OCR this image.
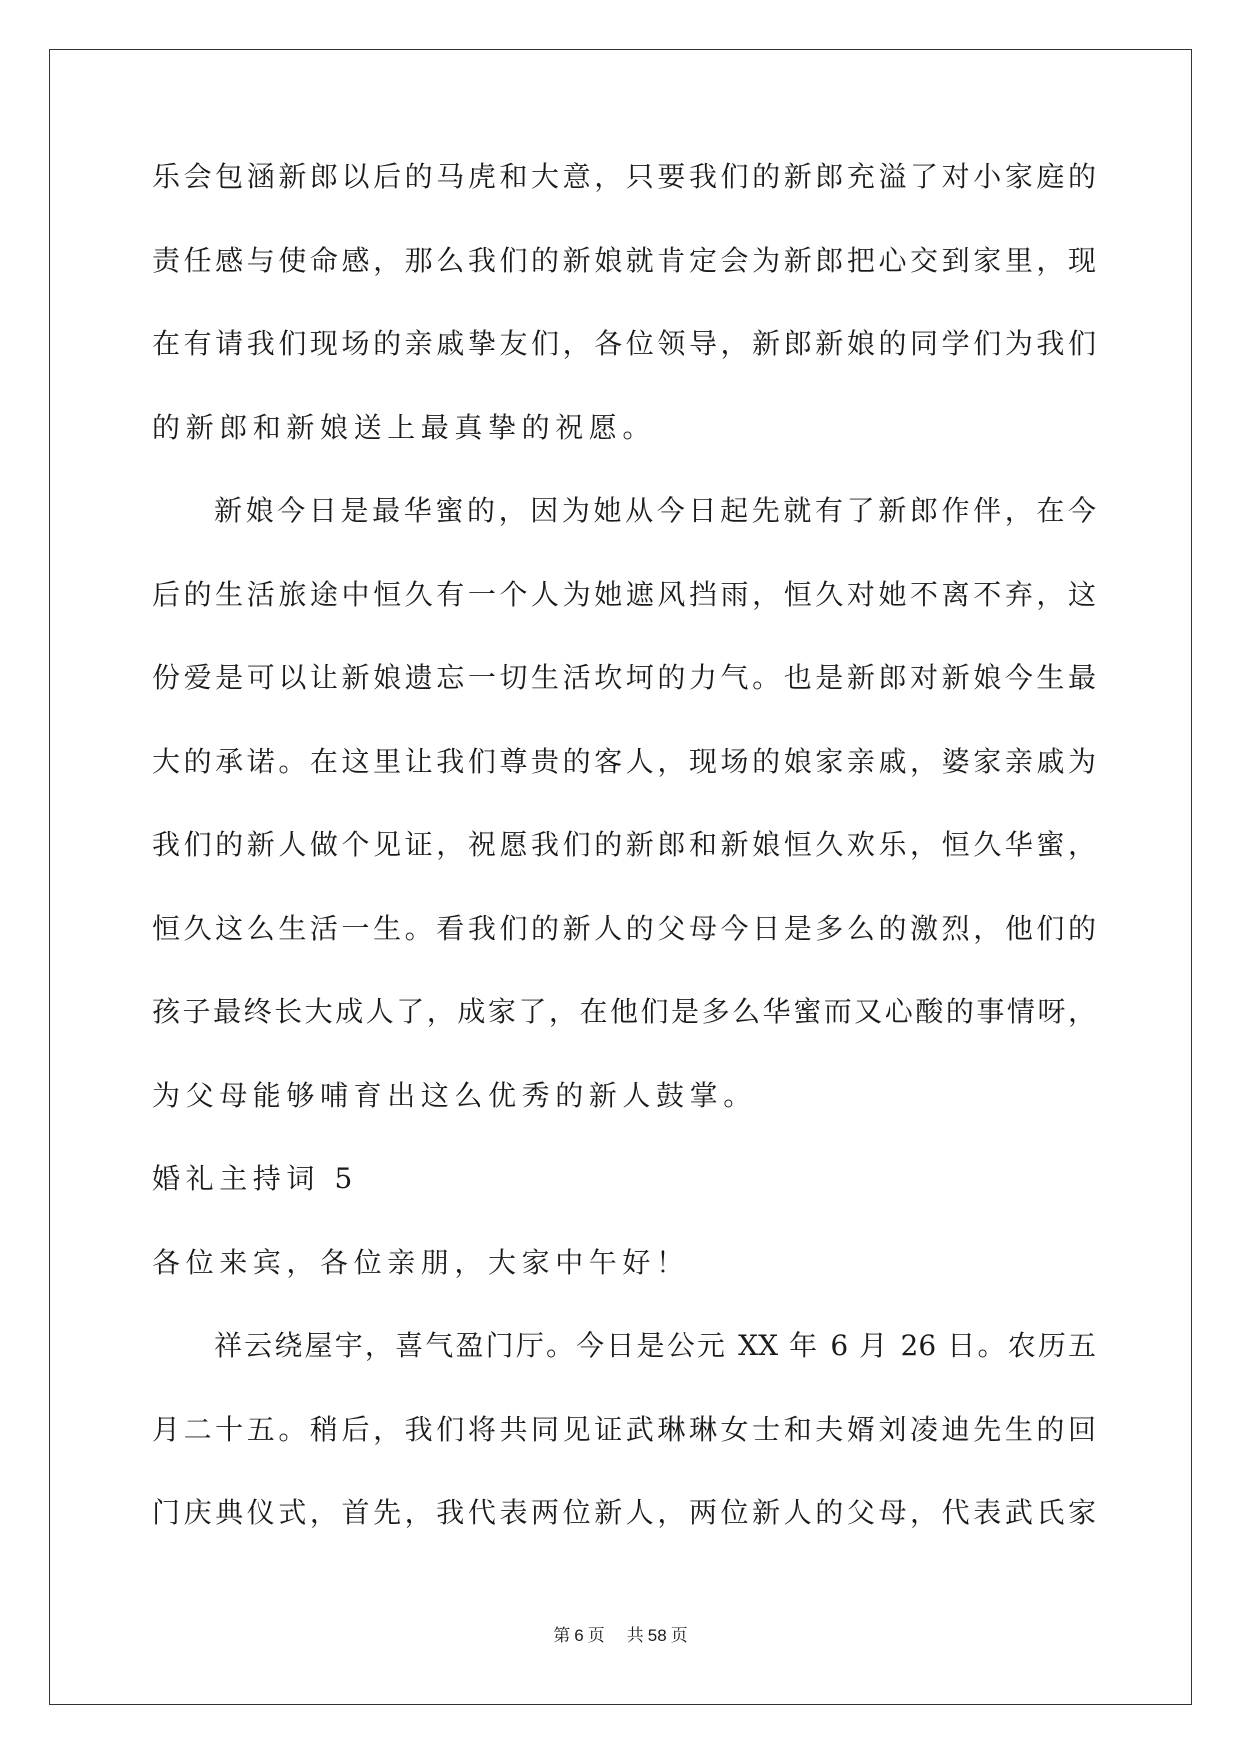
乐会包涵新郎以后的马虎和大意，只要我们的新郎充溢了对小家庭的
责任感与使命感，那么我们的新娘就肯定会为新郎把心交到家里，现
在有请我们现场的亲戚挚友们，各位领导，新郎新娘的同学们为我们
的新郎和新娘送上最真挚的祝愿。
新娘今日是最华蜜的，因为她从今日起先就有了新郎作伴，在今
后的生活旅途中恒久有一个人为她遮风挡雨，恒久对她不离不弃，这
份爱是可以让新娘遗忘一切生活坎坷的力气。也是新郎对新娘今生最
大的承诺。在这里让我们尊贵的客人，现场的娘家亲戚，婆家亲戚为
我们的新人做个见证，祝愿我们的新郎和新娘恒久欢乐，恒久华蜜，
恒久这么生活一生。看我们的新人的父母今日是多么的激烈，他们的
孩子最终长大成人了，成家了，在他们是多么华蜜而又心酸的事情呀，
为父母能够哺育出这么优秀的新人鼓掌。
婚礼主持词 5
各位来宾，各位亲朋，大家中午好！
祥云绕屋宇，喜气盈门厅。今日是公元 XX 年 6 月 26 日。农历五
月二十五。稍后，我们将共同见证武琳琳女士和夫婿刘凌迪先生的回
门庆典仪式，首先，我代表两位新人，两位新人的父母，代表武氏家
第 6 页 共 58 页
